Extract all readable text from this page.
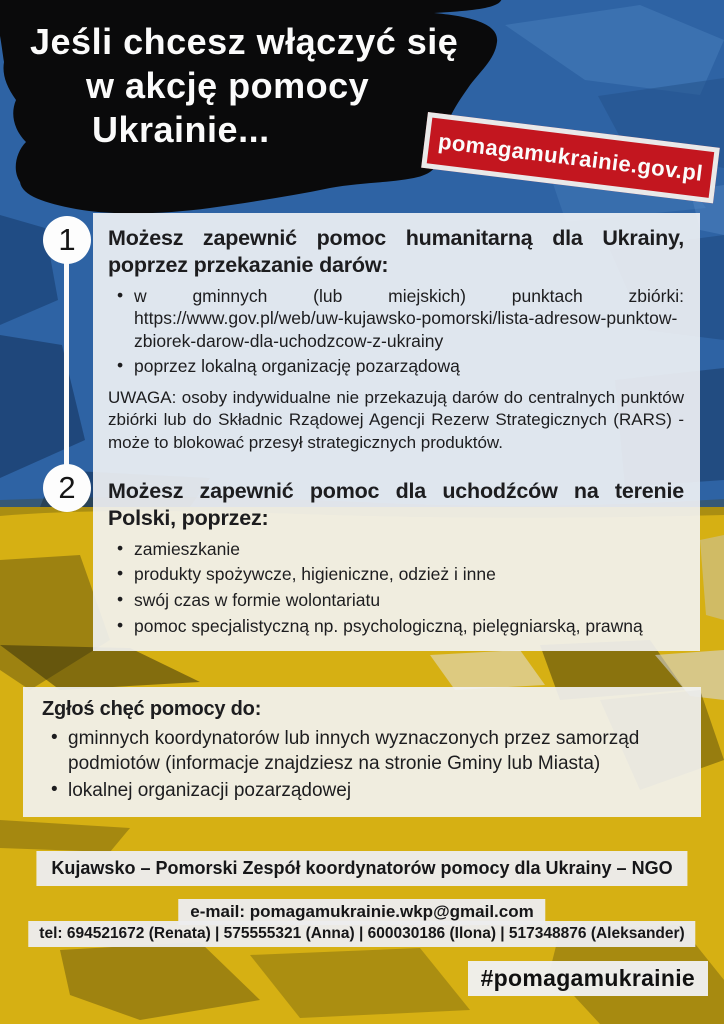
Jeśli chcesz włączyć się
w akcję pomocy
Ukrainie...	pomagamukrainie.gov.pl
1
2
Możesz zapewnić pomoc humanitarną dla Ukrainy, poprzez przekazanie darów:
• w gminnych (lub miejskich) punktach zbiórki: https://www.gov.pl/web/uw-kujawsko-pomorski/lista-adresow-punktow-zbiorek-darow-dla-uchodzcow-z-ukrainy
• poprzez lokalną organizację pozarządową

UWAGA: osoby indywidualne nie przekazują darów do centralnych punktów zbiórki lub do Składnic Rządowej Agencji Rezerw Strategicznych (RARS) - może to blokować przesył strategicznych produktów.

Możesz zapewnić pomoc dla uchodźców na terenie Polski, poprzez:
• zamieszkanie
• produkty spożywcze, higieniczne, odzież i inne
• swój czas w formie wolontariatu
• pomoc specjalistyczną np. psychologiczną, pielęgniarską, prawną
Zgłoś chęć pomocy do:
• gminnych koordynatorów lub innych wyznaczonych przez samorząd podmiotów (informacje znajdziesz na stronie Gminy lub Miasta)
• lokalnej organizacji pozarządowej
Kujawsko – Pomorski Zespół koordynatorów pomocy dla Ukrainy – NGO
e-mail: pomagamukrainie.wkp@gmail.com
tel: 694521672 (Renata) | 575555321 (Anna) | 600030186 (Ilona) | 517348876 (Aleksander)
#pomagamukrainie
